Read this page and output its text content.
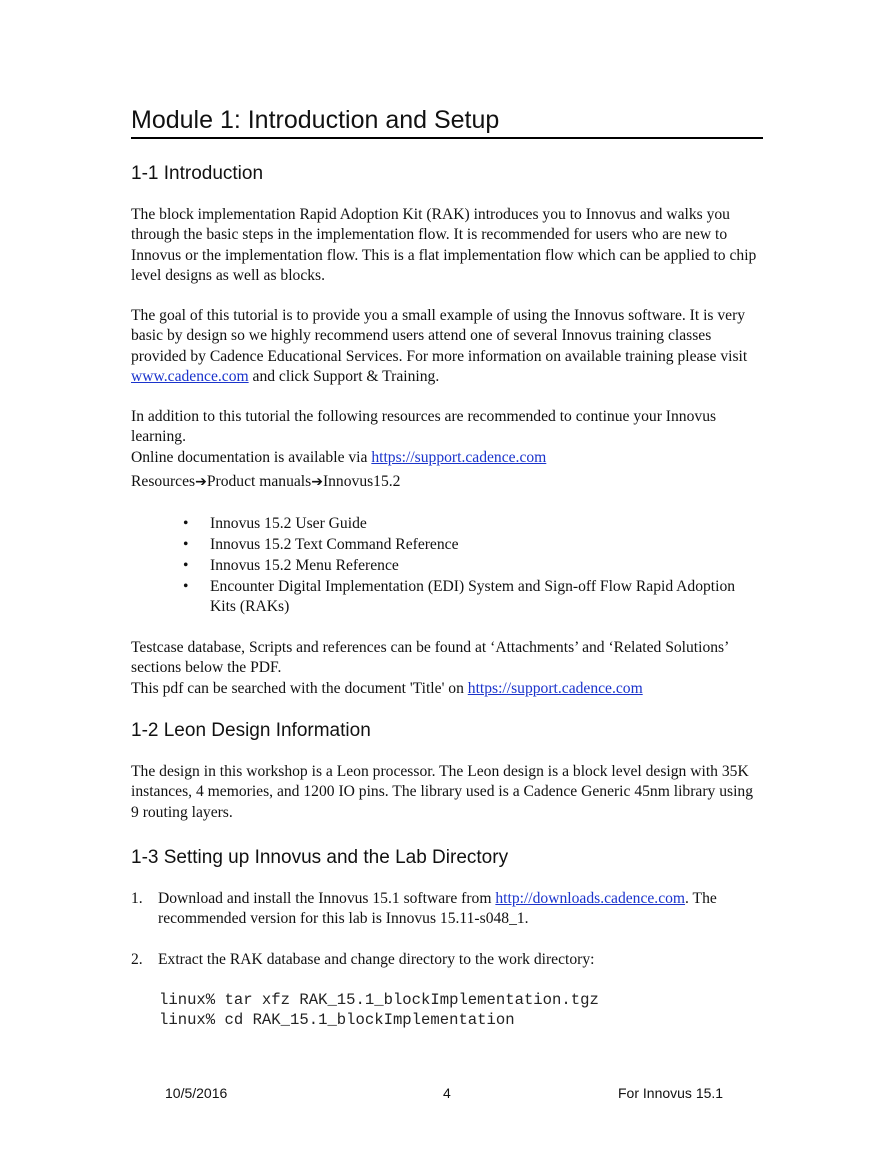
Module 1: Introduction and Setup
1-1 Introduction
The block implementation Rapid Adoption Kit (RAK) introduces you to Innovus and walks you through the basic steps in the implementation flow. It is recommended for users who are new to Innovus or the implementation flow. This is a flat implementation flow which can be applied to chip level designs as well as blocks.
The goal of this tutorial is to provide you a small example of using the Innovus software. It is very basic by design so we highly recommend users attend one of several Innovus training classes provided by Cadence Educational Services. For more information on available training please visit www.cadence.com and click Support & Training.
In addition to this tutorial the following resources are recommended to continue your Innovus learning.
Online documentation is available via https://support.cadence.com
Resources➔Product manuals➔Innovus15.2
• Innovus 15.2 User Guide
• Innovus 15.2 Text Command Reference
• Innovus 15.2 Menu Reference
• Encounter Digital Implementation (EDI) System and Sign-off Flow Rapid Adoption Kits (RAKs)
Testcase database, Scripts and references can be found at ‘Attachments’ and ‘Related Solutions’ sections below the PDF.
This pdf can be searched with the document 'Title' on https://support.cadence.com
1-2 Leon Design Information
The design in this workshop is a Leon processor. The Leon design is a block level design with 35K instances, 4 memories, and 1200 IO pins. The library used is a Cadence Generic 45nm library using 9 routing layers.
1-3 Setting up Innovus and the Lab Directory
1. Download and install the Innovus 15.1 software from http://downloads.cadence.com. The recommended version for this lab is Innovus 15.11-s048_1.
2. Extract the RAK database and change directory to the work directory:
linux% tar xfz RAK_15.1_blockImplementation.tgz
linux% cd RAK_15.1_blockImplementation
10/5/2016	4	For Innovus 15.1
